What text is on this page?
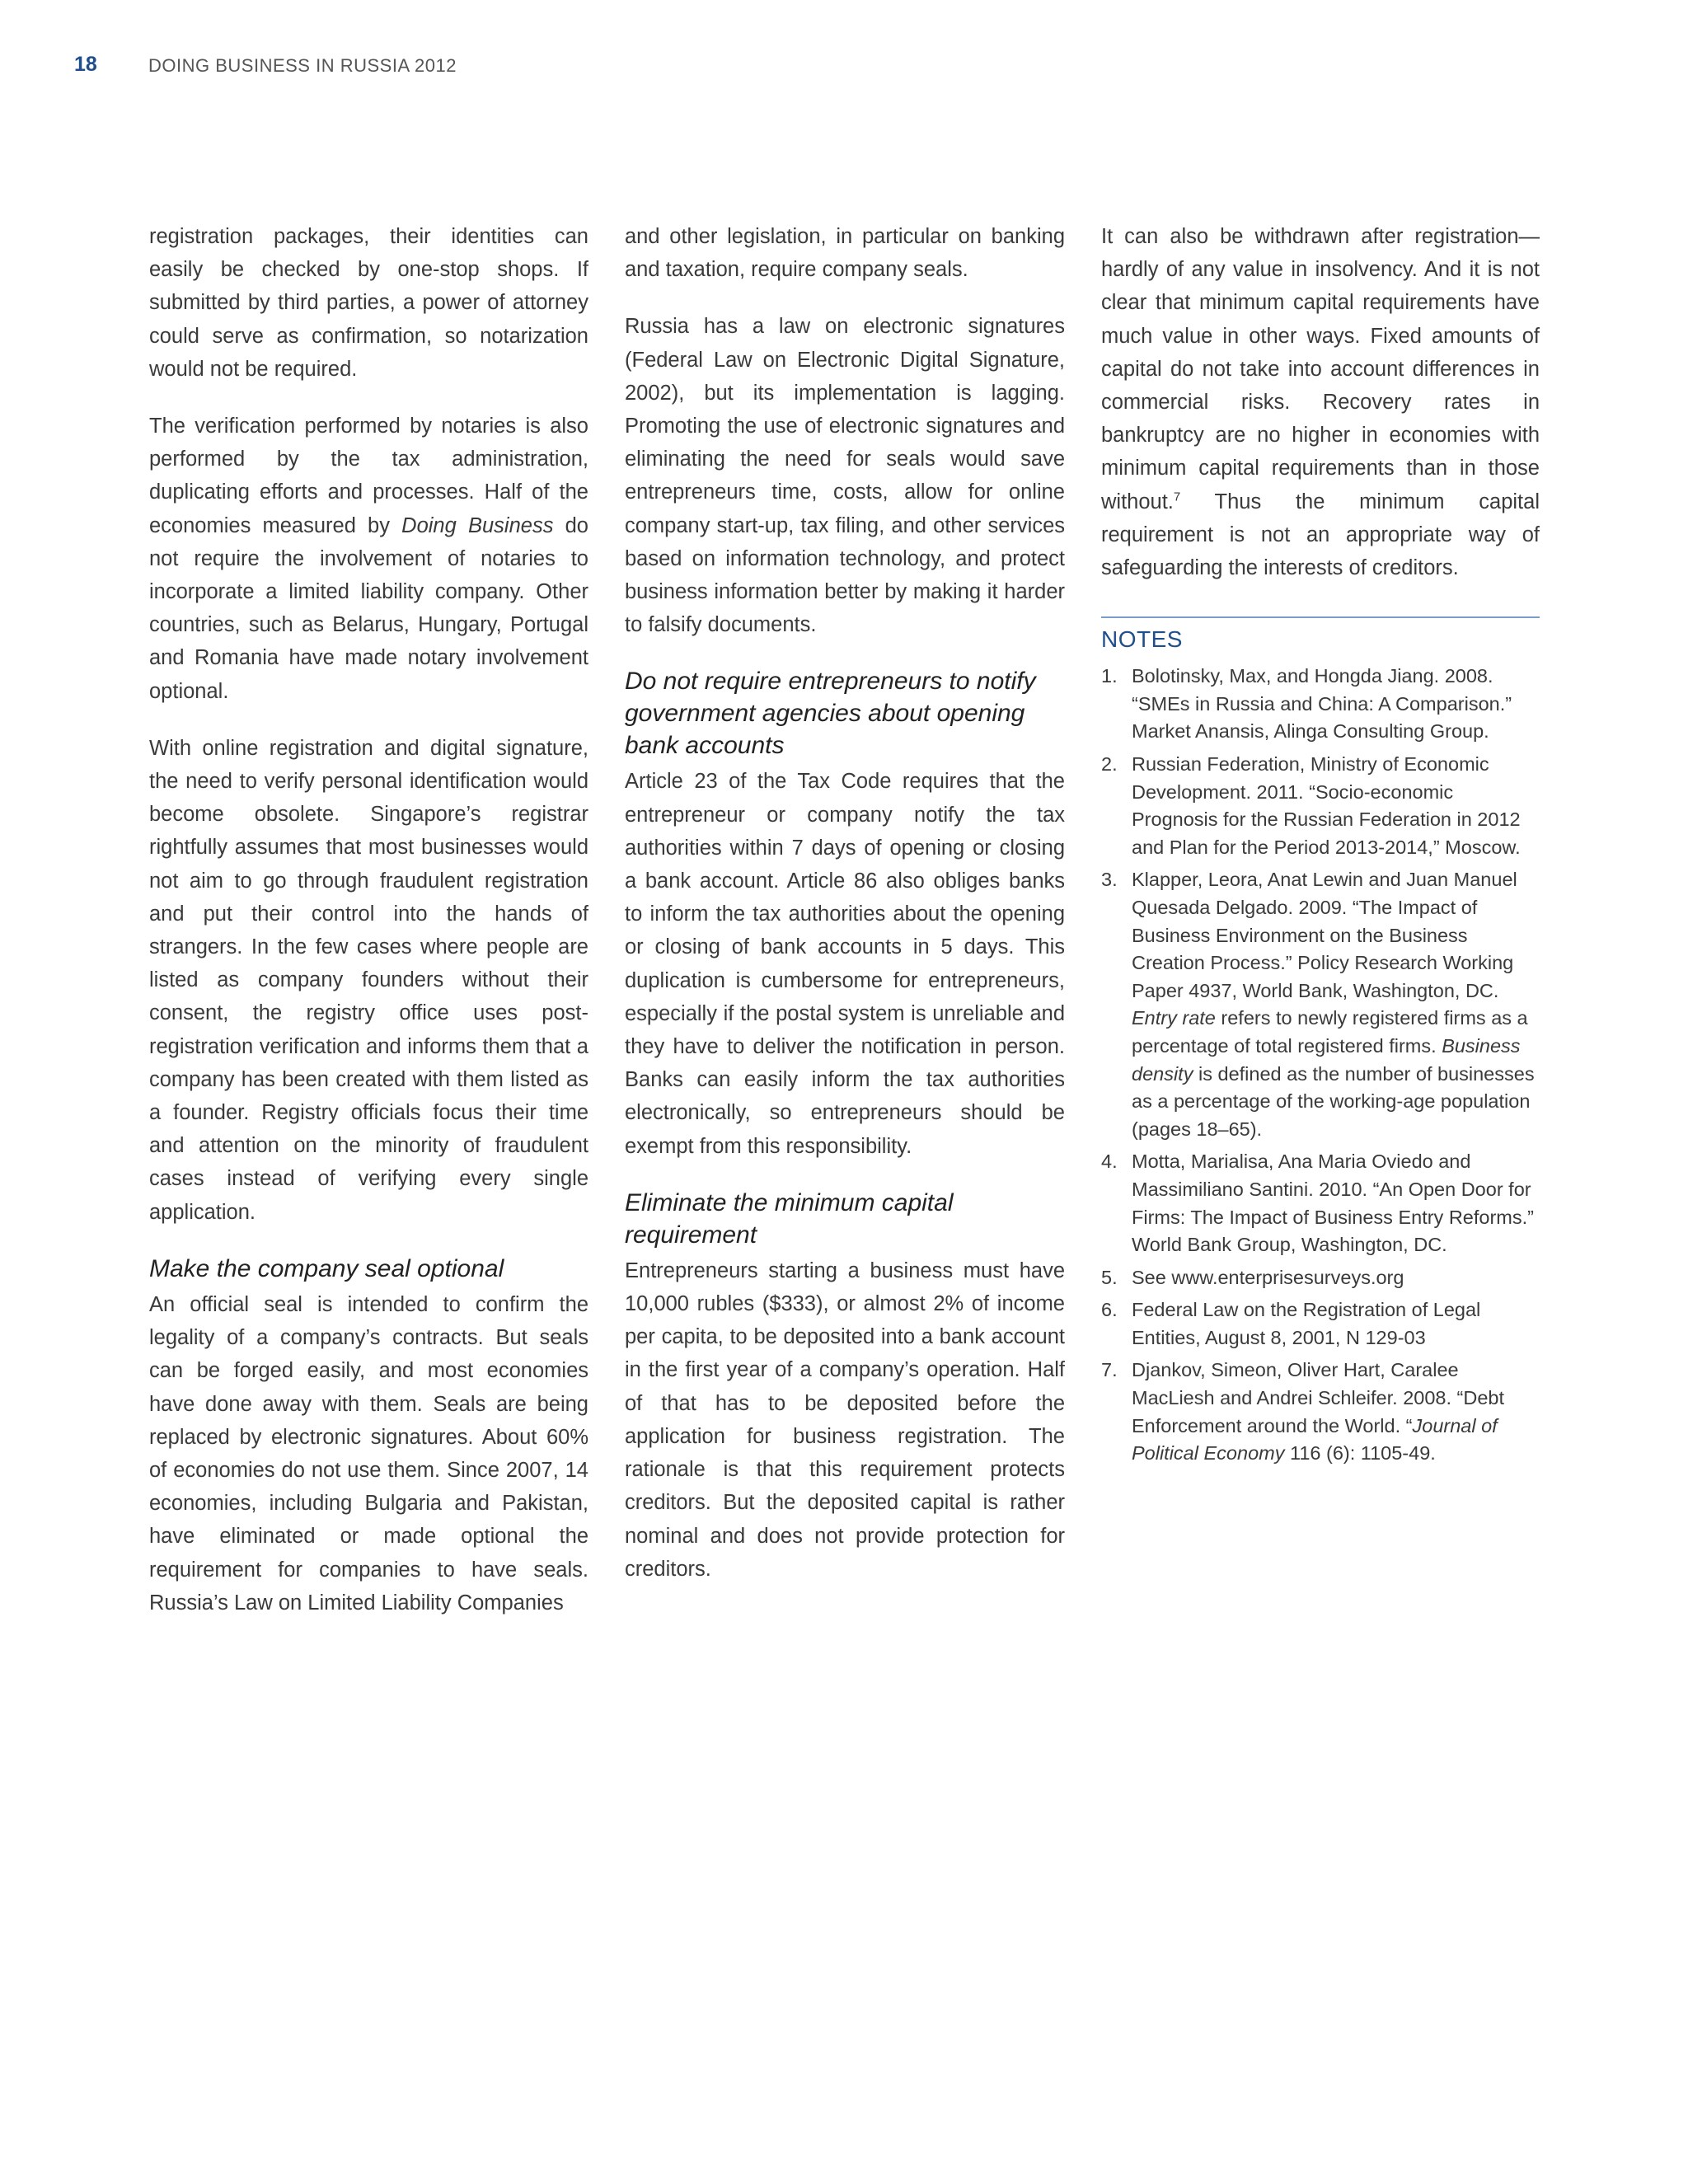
18	DOING BUSINESS IN RUSSIA 2012

registration packages, their identities can easily be checked by one-stop shops. If submitted by third parties, a power of attorney could serve as confirmation, so notarization would not be required.

The verification performed by notaries is also performed by the tax administration, duplicating efforts and processes. Half of the economies measured by Doing Business do not require the involvement of notaries to incorporate a limited liability company. Other countries, such as Belarus, Hungary, Portugal and Romania have made notary involvement optional.

With online registration and digital signature, the need to verify personal identification would become obsolete. Singapore’s registrar rightfully assumes that most businesses would not aim to go through fraudulent registration and put their control into the hands of strangers. In the few cases where people are listed as company founders without their consent, the registry office uses post-registration verification and informs them that a company has been created with them listed as a founder. Registry officials focus their time and attention on the minority of fraudulent cases instead of verifying every single application.

Make the company seal optional

An official seal is intended to confirm the legality of a company’s contracts. But seals can be forged easily, and most economies have done away with them. Seals are being replaced by electronic signatures. About 60% of economies do not use them. Since 2007, 14 economies, including Bulgaria and Pakistan, have eliminated or made optional the requirement for companies to have seals. Russia’s Law on Limited Liability Companies

and other legislation, in particular on banking and taxation, require company seals.

Russia has a law on electronic signatures (Federal Law on Electronic Digital Signature, 2002), but its implementation is lagging. Promoting the use of electronic signatures and eliminating the need for seals would save entrepreneurs time, costs, allow for online company start-up, tax filing, and other services based on information technology, and protect business information better by making it harder to falsify documents.

Do not require entrepreneurs to notify government agencies about opening bank accounts

Article 23 of the Tax Code requires that the entrepreneur or company notify the tax authorities within 7 days of opening or closing a bank account. Article 86 also obliges banks to inform the tax authorities about the opening or closing of bank accounts in 5 days. This duplication is cumbersome for entrepreneurs, especially if the postal system is unreliable and they have to deliver the notification in person. Banks can easily inform the tax authorities electronically, so entrepreneurs should be exempt from this responsibility.

Eliminate the minimum capital requirement

Entrepreneurs starting a business must have 10,000 rubles ($333), or almost 2% of income per capita, to be deposited into a bank account in the first year of a company’s operation. Half of that has to be deposited before the application for business registration. The rationale is that this requirement protects creditors. But the deposited capital is rather nominal and does not provide protection for creditors.

It can also be withdrawn after registration—hardly of any value in insolvency. And it is not clear that minimum capital requirements have much value in other ways. Fixed amounts of capital do not take into account differences in commercial risks. Recovery rates in bankruptcy are no higher in economies with minimum capital requirements than in those without.$^7$ Thus the minimum capital requirement is not an appropriate way of safeguarding the interests of creditors.

NOTES
1. Bolotinsky, Max, and Hongda Jiang. 2008. “SMEs in Russia and China: A Comparison.” Market Anansis, Alinga Consulting Group.
2. Russian Federation, Ministry of Economic Development. 2011. “Socio-economic Prognosis for the Russian Federation in 2012 and Plan for the Period 2013-2014,” Moscow.
3. Klapper, Leora, Anat Lewin and Juan Manuel Quesada Delgado. 2009. “The Impact of Business Environment on the Business Creation Process.” Policy Research Working Paper 4937, World Bank, Washington, DC. Entry rate refers to newly registered firms as a percentage of total registered firms. Business density is defined as the number of businesses as a percentage of the working-age population (pages 18–65).
4. Motta, Marialisa, Ana Maria Oviedo and Massimiliano Santini. 2010. “An Open Door for Firms: The Impact of Business Entry Reforms.” World Bank Group, Washington, DC.
5. See www.enterprisesurveys.org
6. Federal Law on the Registration of Legal Entities, August 8, 2001, N 129-03
7. Djankov, Simeon, Oliver Hart, Caralee MacLiesh and Andrei Schleifer. 2008. “Debt Enforcement around the World. “Journal of Political Economy 116 (6): 1105-49.
